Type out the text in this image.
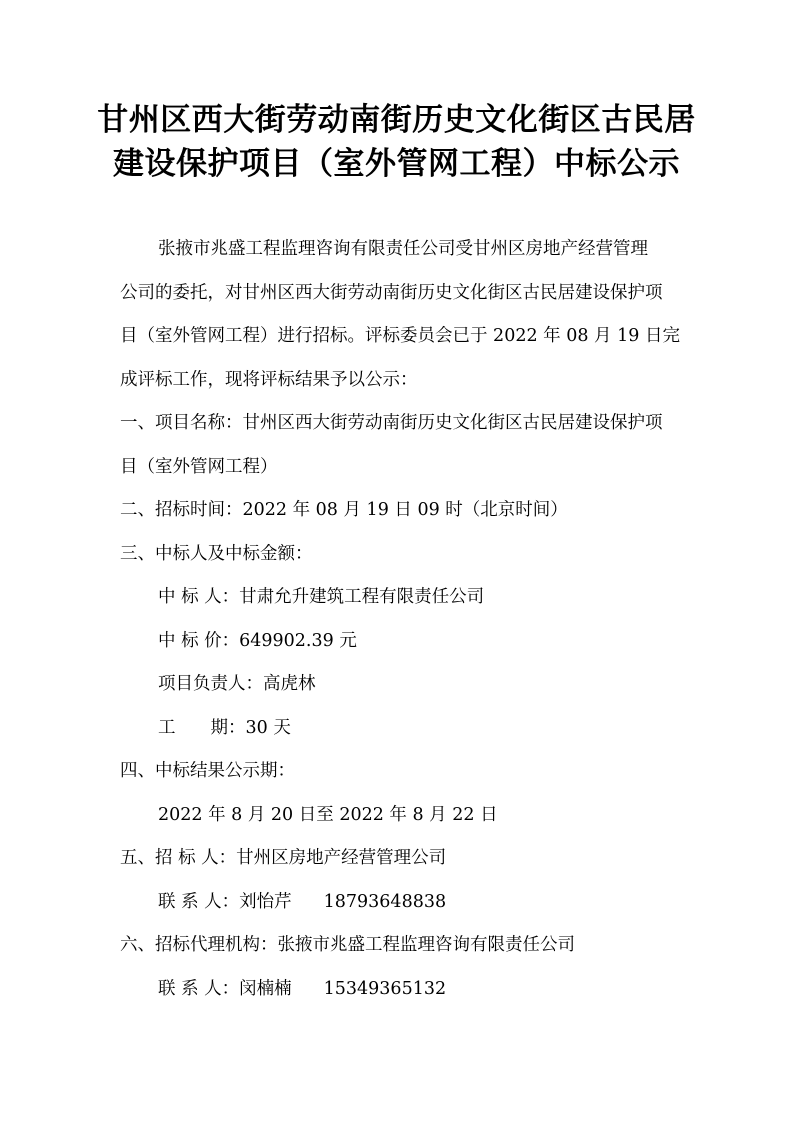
甘州区西大街劳动南街历史文化街区古民居
建设保护项目（室外管网工程）中标公示

张掖市兆盛工程监理咨询有限责任公司受甘州区房地产经营管理

公司的委托，对甘州区西大街劳动南街历史文化街区古民居建设保护项

目（室外管网工程）进行招标。评标委员会已于 2022 年 08 月 19 日完

成评标工作，现将评标结果予以公示：

一、项目名称：甘州区西大街劳动南街历史文化街区古民居建设保护项

目（室外管网工程）

二、招标时间：2022 年 08 月 19 日 09 时（北京时间）

三、中标人及中标金额：

中 标 人：甘肃允升建筑工程有限责任公司

中 标 价：649902.39 元

项目负责人：高虎林

工　　期：30 天

四、中标结果公示期：

2022 年 8 月 20 日至 2022 年 8 月 22 日

五、招 标 人：甘州区房地产经营管理公司

联 系 人：刘怡芹 18793648838

六、招标代理机构：张掖市兆盛工程监理咨询有限责任公司

联 系 人：闵楠楠 15349365132
